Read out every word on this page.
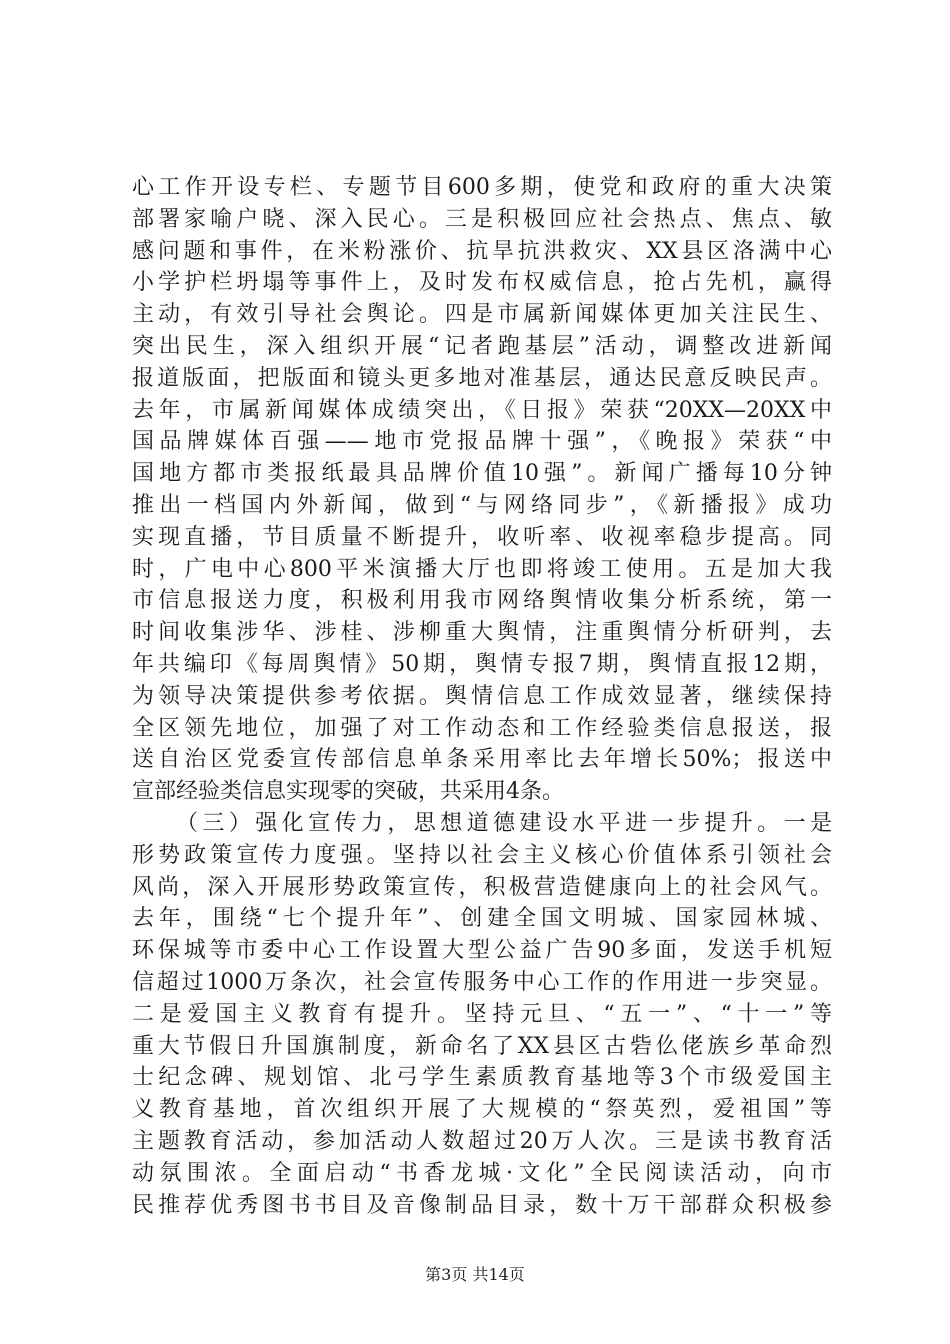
心工作开设专栏、专题节目600多期，使党和政府的重大决策
部署家喻户晓、深入民心。三是积极回应社会热点、焦点、敏
感问题和事件，在米粉涨价、抗旱抗洪救灾、XX县区洛满中心
小学护栏坍塌等事件上，及时发布权威信息，抢占先机，赢得
主动，有效引导社会舆论。四是市属新闻媒体更加关注民生、
突出民生，深入组织开展“记者跑基层”活动，调整改进新闻
报道版面，把版面和镜头更多地对准基层，通达民意反映民声。
去年，市属新闻媒体成绩突出，《日报》荣获“20XX—20XX中
国品牌媒体百强——地市党报品牌十强”，《晚报》荣获“中
国地方都市类报纸最具品牌价值10强”。新闻广播每10分钟
推出一档国内外新闻，做到“与网络同步”，《新播报》成功
实现直播，节目质量不断提升，收听率、收视率稳步提高。同
时，广电中心800平米演播大厅也即将竣工使用。五是加大我
市信息报送力度，积极利用我市网络舆情收集分析系统，第一
时间收集涉华、涉桂、涉柳重大舆情，注重舆情分析研判，去
年共编印《每周舆情》50期，舆情专报7期，舆情直报12期，
为领导决策提供参考依据。舆情信息工作成效显著，继续保持
全区领先地位，加强了对工作动态和工作经验类信息报送，报
送自治区党委宣传部信息单条采用率比去年增长50%；报送中
宣部经验类信息实现零的突破，共采用4条。
（三）强化宣传力，思想道德建设水平进一步提升。一是
形势政策宣传力度强。坚持以社会主义核心价值体系引领社会
风尚，深入开展形势政策宣传，积极营造健康向上的社会风气。
去年，围绕“七个提升年”、创建全国文明城、国家园林城、
环保城等市委中心工作设置大型公益广告90多面，发送手机短
信超过1000万条次，社会宣传服务中心工作的作用进一步突显。
二是爱国主义教育有提升。坚持元旦、“五一”、“十一”等
重大节假日升国旗制度，新命名了XX县区古砦仫佬族乡革命烈
士纪念碑、规划馆、北弓学生素质教育基地等3个市级爱国主
义教育基地，首次组织开展了大规模的“祭英烈，爱祖国”等
主题教育活动，参加活动人数超过20万人次。三是读书教育活
动氛围浓。全面启动“书香龙城·文化”全民阅读活动，向市
民推荐优秀图书书目及音像制品目录，数十万干部群众积极参
第3页 共14页
